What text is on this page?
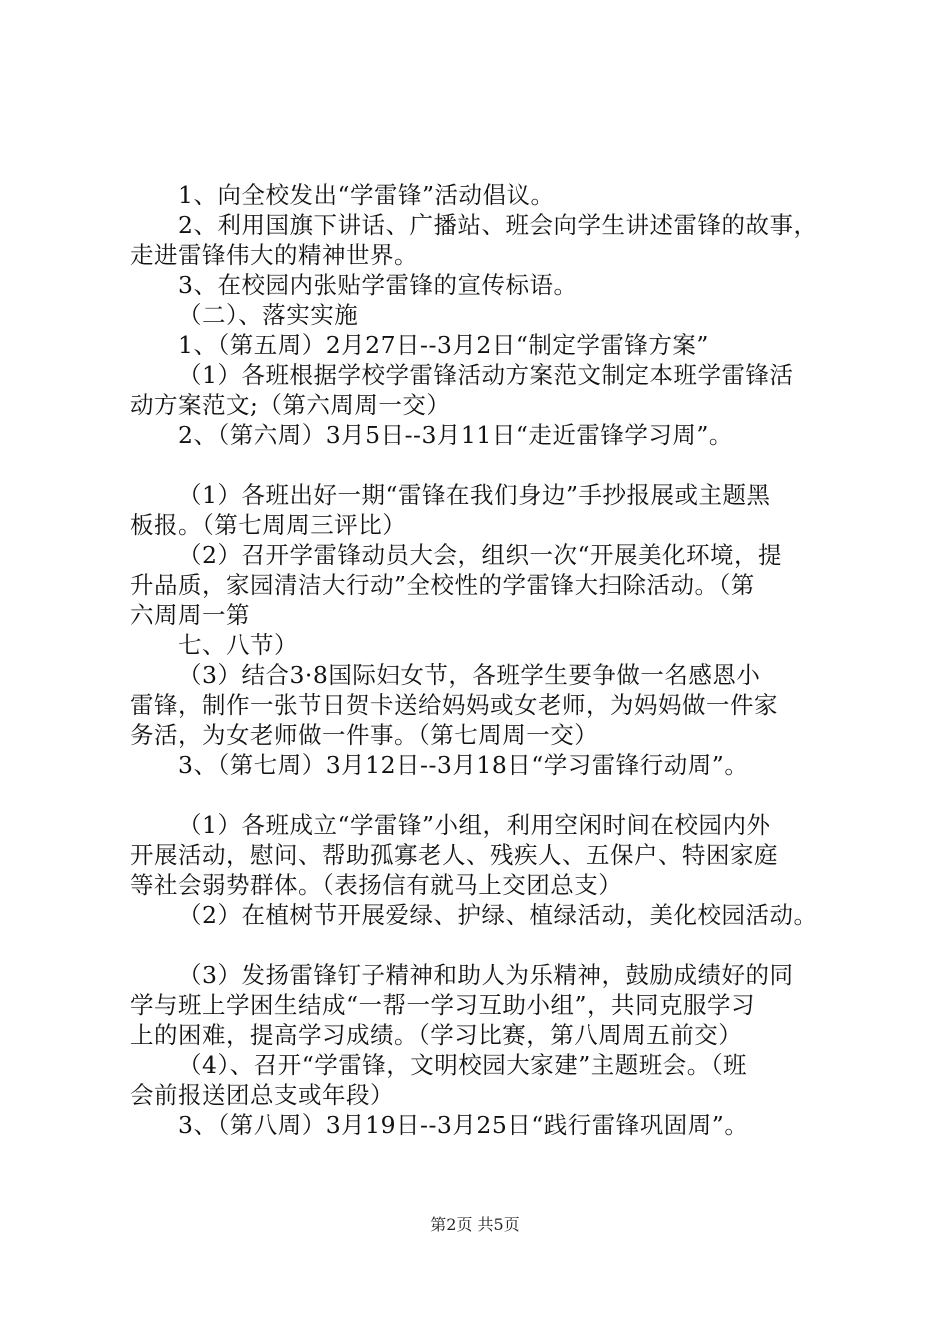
1、向全校发出“学雷锋”活动倡议。
2、利用国旗下讲话、广播站、班会向学生讲述雷锋的故事，
走进雷锋伟大的精神世界。
3、在校园内张贴学雷锋的宣传标语。
（二）、落实实施
1、（第五周）2月27日--3月2日“制定学雷锋方案”
（1）各班根据学校学雷锋活动方案范文制定本班学雷锋活
动方案范文;（第六周周一交）
2、（第六周）3月5日--3月11日“走近雷锋学习周”。
（1）各班出好一期“雷锋在我们身边”手抄报展或主题黑
板报。（第七周周三评比）
（2）召开学雷锋动员大会，组织一次“开展美化环境，提
升品质，家园清洁大行动”全校性的学雷锋大扫除活动。（第
六周周一第
七、八节）
（3）结合3·8国际妇女节，各班学生要争做一名感恩小
雷锋，制作一张节日贺卡送给妈妈或女老师，为妈妈做一件家
务活，为女老师做一件事。（第七周周一交）
3、（第七周）3月12日--3月18日“学习雷锋行动周”。
（1）各班成立“学雷锋”小组，利用空闲时间在校园内外
开展活动，慰问、帮助孤寡老人、残疾人、五保户、特困家庭
等社会弱势群体。（表扬信有就马上交团总支）
（2）在植树节开展爱绿、护绿、植绿活动，美化校园活动。
（3）发扬雷锋钉子精神和助人为乐精神，鼓励成绩好的同
学与班上学困生结成“一帮一学习互助小组”，共同克服学习
上的困难，提高学习成绩。（学习比赛，第八周周五前交）
（4）、召开“学雷锋，文明校园大家建”主题班会。（班
会前报送团总支或年段）
3、（第八周）3月19日--3月25日“践行雷锋巩固周”。
第2页 共5页
